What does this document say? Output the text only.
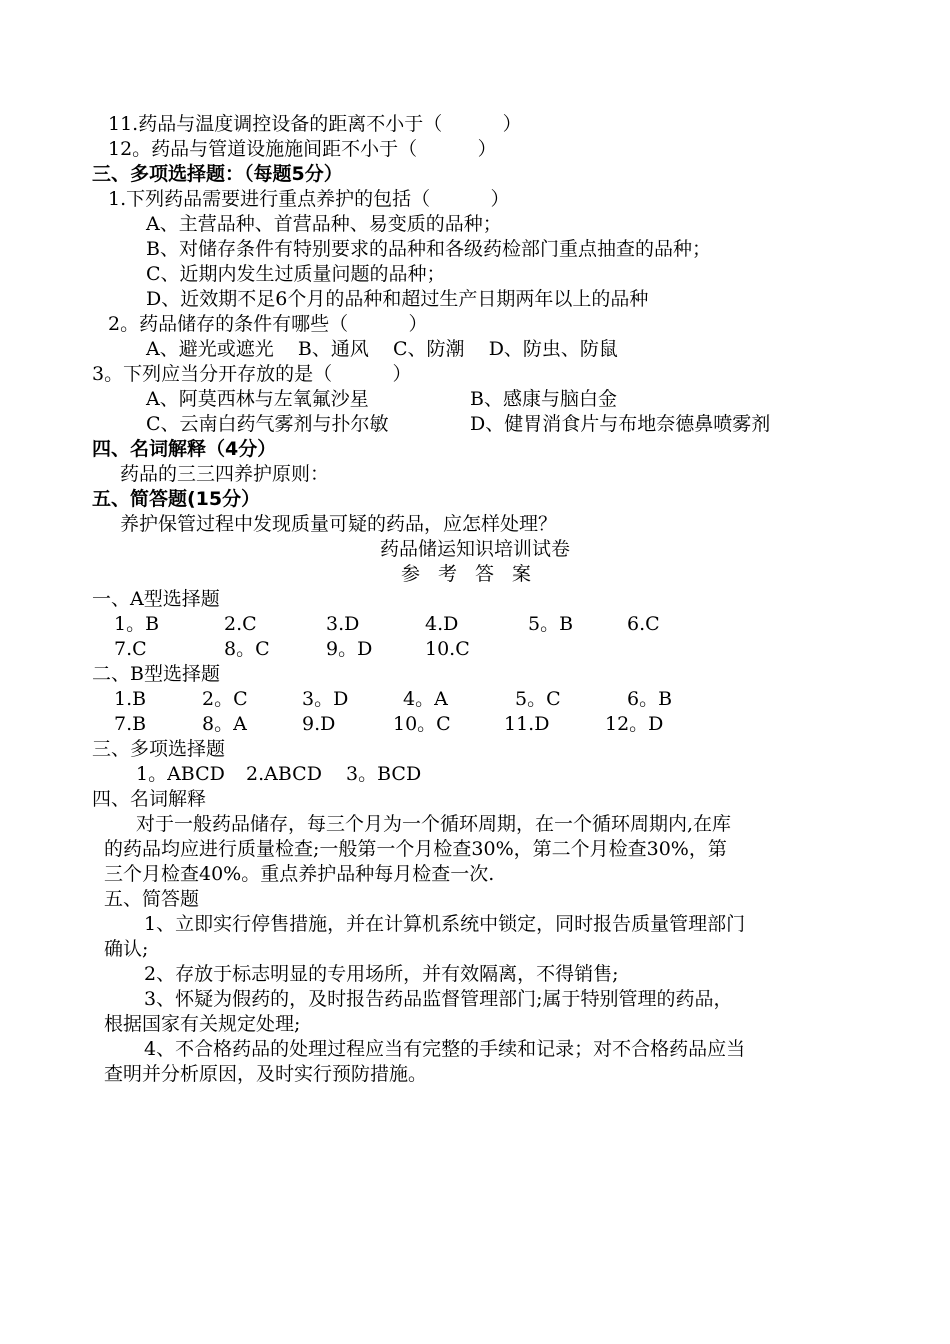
11.药品与温度调控设备的距离不小于（          ）
12。药品与管道设施施间距不小于（          ）
三、多项选择题：（每题5分）
1.下列药品需要进行重点养护的包括（          ）
A、主营品种、首营品种、易变质的品种；
B、对储存条件有特别要求的品种和各级药检部门重点抽查的品种；
C、近期内发生过质量问题的品种；
D、近效期不足6个月的品种和超过生产日期两年以上的品种
2。药品储存的条件有哪些（          ）
A、避光或遮光    B、通风    C、防潮    D、防虫、防鼠
3。下列应当分开存放的是（          ）
A、阿莫西林与左氧氟沙星	B、感康与脑白金
C、云南白药气雾剂与扑尔敏	D、健胃消食片与布地奈德鼻喷雾剂
四、名词解释（4分）
药品的三三四养护原则：
五、简答题(15分）
养护保管过程中发现质量可疑的药品，应怎样处理？
药品储运知识培训试卷
参考答案
一、A型选择题
1。B	2.C	3.D	4.D	5。B	6.C
7.C	8。C	9。D	10.C
二、B型选择题
1.B	2。C	3。D	4。A	5。C	6。B
7.B	8。A	9.D	10。C	11.D	12。D
三、多项选择题
1。ABCD 2.ABCD 3。BCD
四、名词解释
对于一般药品储存，每三个月为一个循环周期，在一个循环周期内,在库
的药品均应进行质量检查;一般第一个月检查30%，第二个月检查30%，第
三个月检查40%。重点养护品种每月检查一次.
五、简答题
1、立即实行停售措施，并在计算机系统中锁定，同时报告质量管理部门
确认;
2、存放于标志明显的专用场所，并有效隔离，不得销售;
3、怀疑为假药的，及时报告药品监督管理部门;属于特别管理的药品，
根据国家有关规定处理;
4、不合格药品的处理过程应当有完整的手续和记录；对不合格药品应当
查明并分析原因，及时实行预防措施。
